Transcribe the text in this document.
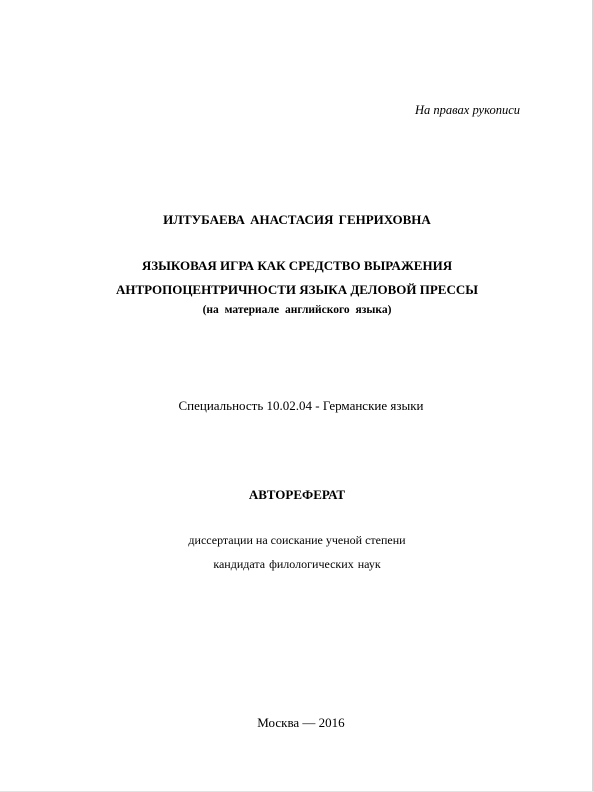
На правах рукописи
ИЛТУБАЕВА АНАСТАСИЯ ГЕНРИХОВНА
ЯЗЫКОВАЯ ИГРА КАК СРЕДСТВО ВЫРАЖЕНИЯ
АНТРОПОЦЕНТРИЧНОСТИ ЯЗЫКА ДЕЛОВОЙ ПРЕССЫ
(на материале английского языка)
Специальность 10.02.04 - Германские языки
АВТОРЕФЕРАТ
диссертации на соискание ученой степени
кандидата филологических наук
Москва — 2016
